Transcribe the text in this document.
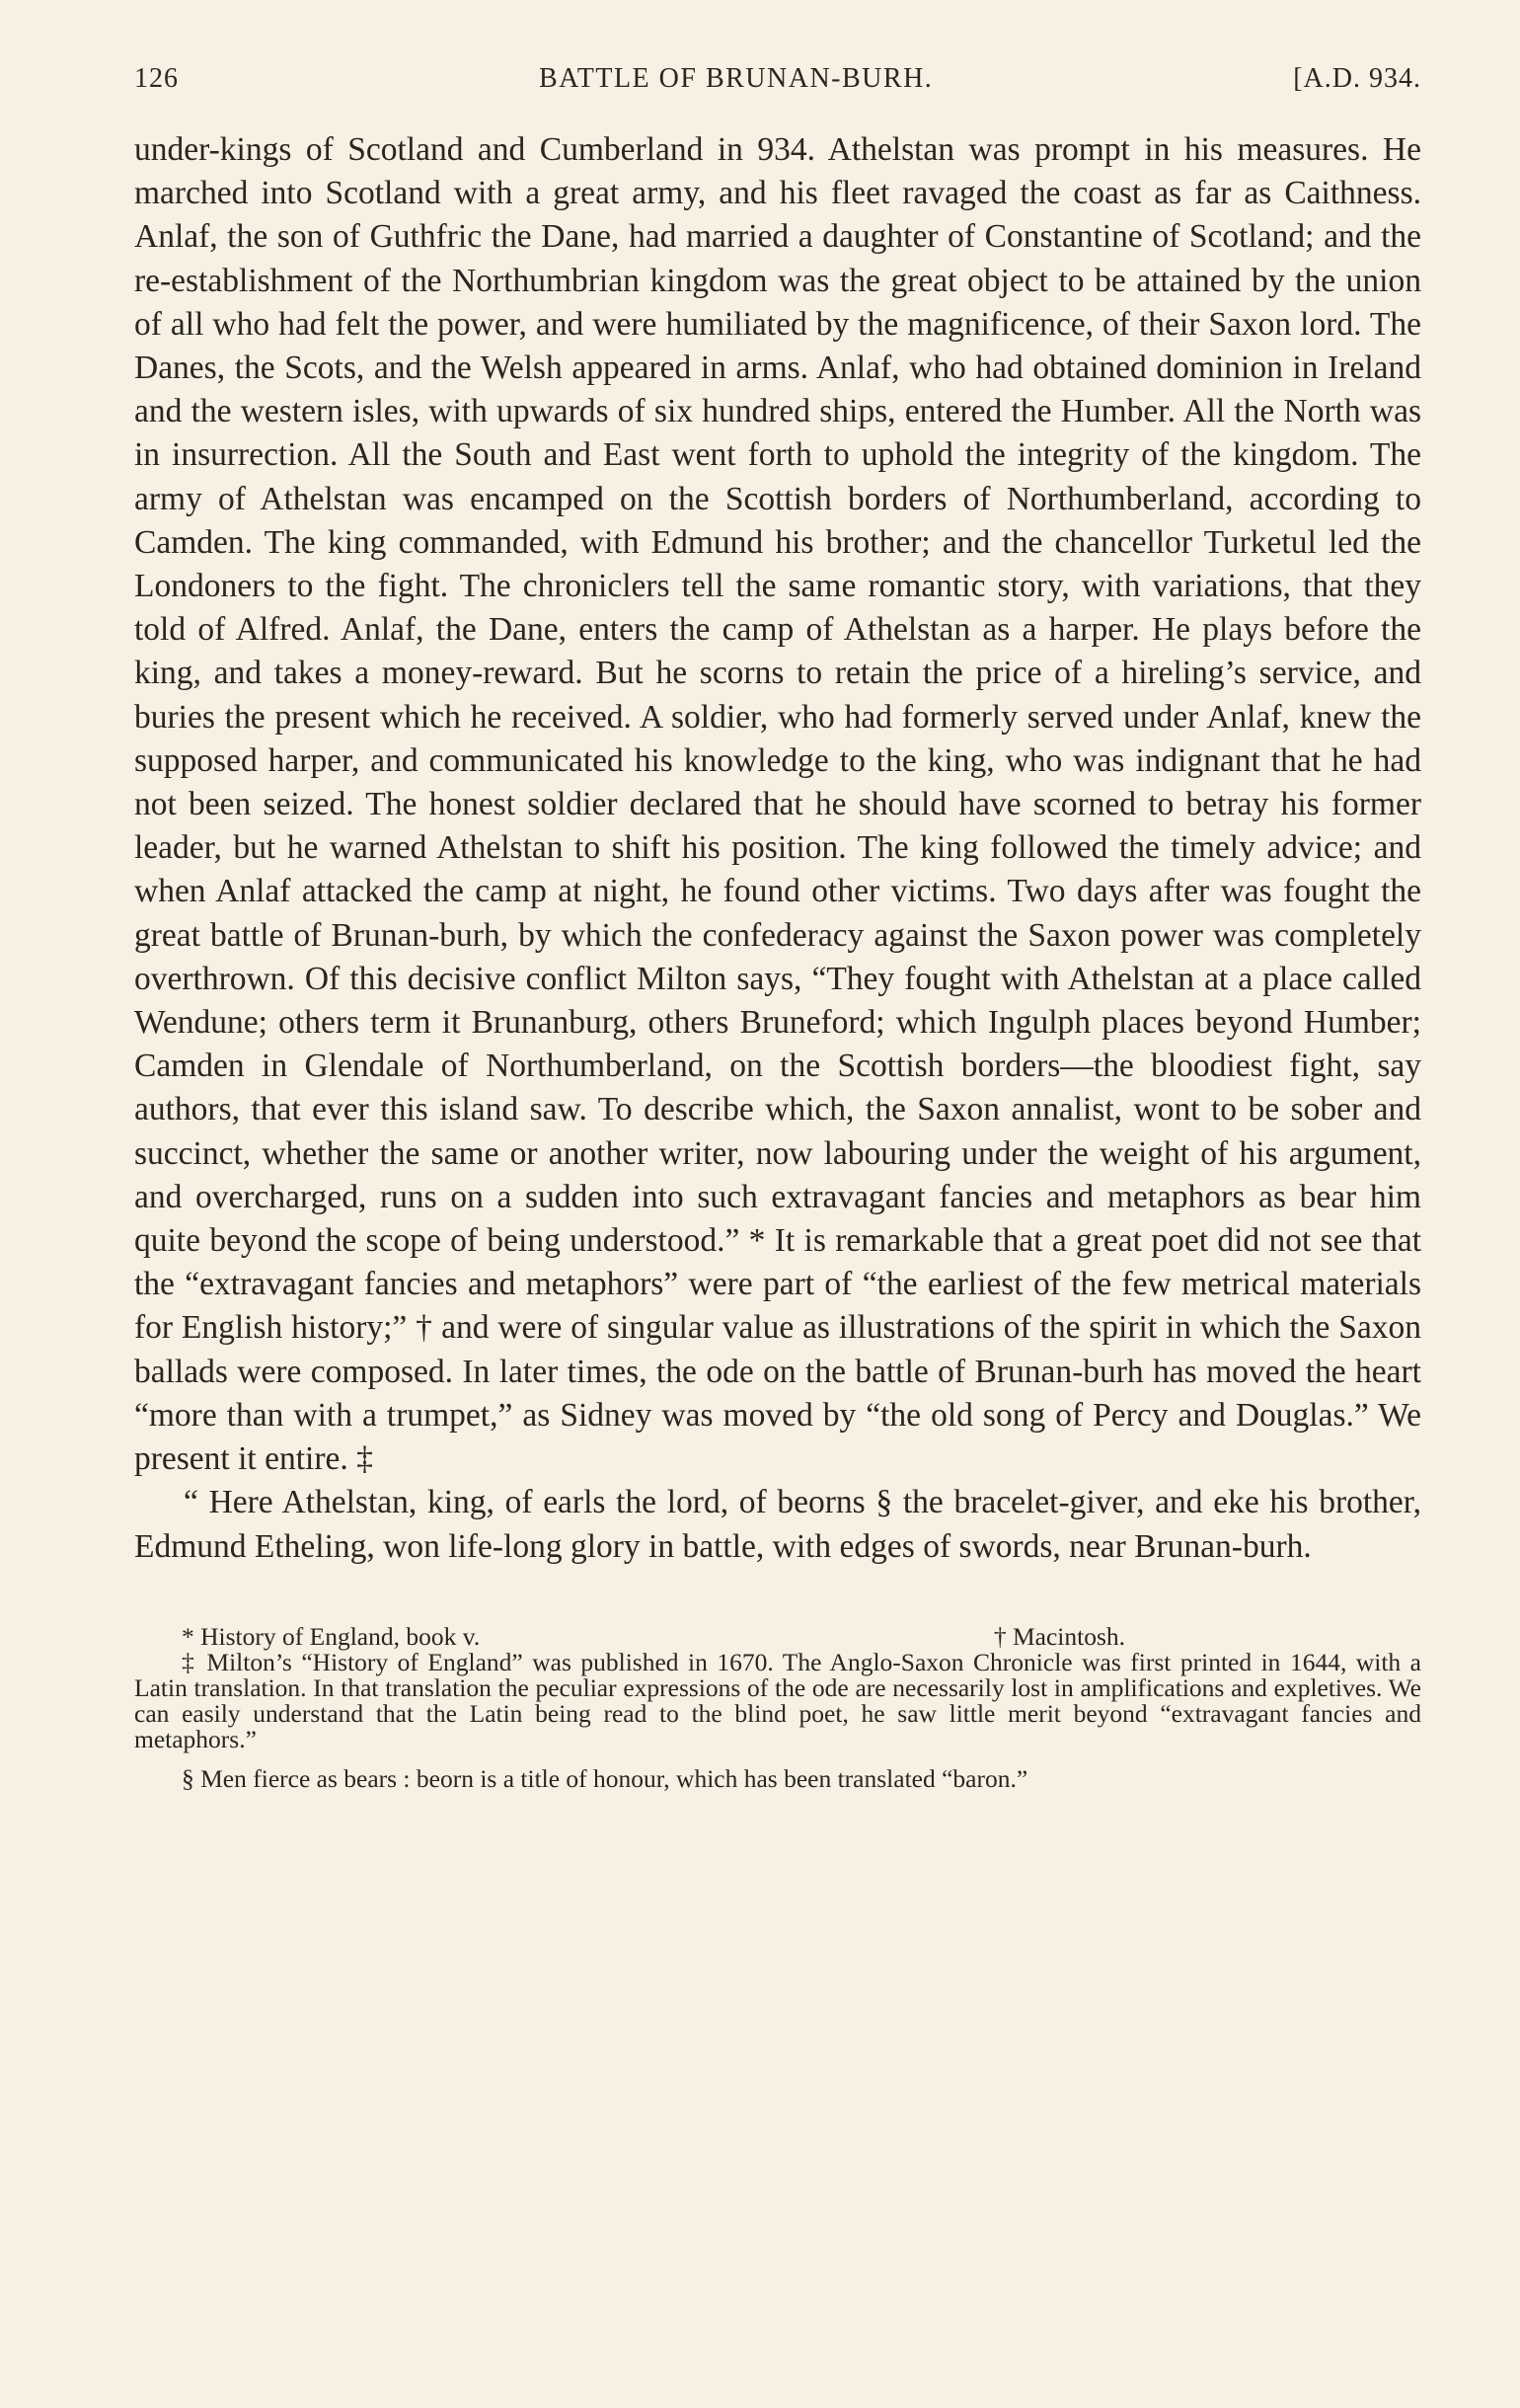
126	BATTLE OF BRUNAN-BURH.	[A.D. 934.

under-kings of Scotland and Cumberland in 934. Athelstan was prompt in his measures. He marched into Scotland with a great army, and his fleet ravaged the coast as far as Caithness. Anlaf, the son of Guthfric the Dane, had married a daughter of Constantine of Scotland; and the re-establishment of the Northumbrian kingdom was the great object to be attained by the union of all who had felt the power, and were humiliated by the magnificence, of their Saxon lord. The Danes, the Scots, and the Welsh appeared in arms. Anlaf, who had obtained dominion in Ireland and the western isles, with upwards of six hundred ships, entered the Humber. All the North was in insurrection. All the South and East went forth to uphold the integrity of the kingdom. The army of Athelstan was encamped on the Scottish borders of Northumberland, according to Camden. The king commanded, with Edmund his brother; and the chancellor Turketul led the Londoners to the fight. The chroniclers tell the same romantic story, with variations, that they told of Alfred. Anlaf, the Dane, enters the camp of Athelstan as a harper. He plays before the king, and takes a money-reward. But he scorns to retain the price of a hireling’s service, and buries the present which he received. A soldier, who had formerly served under Anlaf, knew the supposed harper, and communicated his knowledge to the king, who was indignant that he had not been seized. The honest soldier declared that he should have scorned to betray his former leader, but he warned Athelstan to shift his position. The king followed the timely advice; and when Anlaf attacked the camp at night, he found other victims. Two days after was fought the great battle of Brunan-burh, by which the confederacy against the Saxon power was completely overthrown. Of this decisive conflict Milton says, “They fought with Athelstan at a place called Wendune; others term it Brunanburg, others Bruneford; which Ingulph places beyond Humber; Camden in Glendale of Northumberland, on the Scottish borders—the bloodiest fight, say authors, that ever this island saw. To describe which, the Saxon annalist, wont to be sober and succinct, whether the same or another writer, now labouring under the weight of his argument, and overcharged, runs on a sudden into such extravagant fancies and metaphors as bear him quite beyond the scope of being understood.” * It is remarkable that a great poet did not see that the “extravagant fancies and metaphors” were part of “the earliest of the few metrical materials for English history;” † and were of singular value as illustrations of the spirit in which the Saxon ballads were composed. In later times, the ode on the battle of Brunan-burh has moved the heart “more than with a trumpet,” as Sidney was moved by “the old song of Percy and Douglas.” We present it entire. ‡

“ Here Athelstan, king, of earls the lord, of beorns § the bracelet-giver, and eke his brother, Edmund Etheling, won life-long glory in battle, with edges of swords, near Brunan-burh.

* History of England, book v.	† Macintosh.

‡ Milton’s “History of England” was published in 1670. The Anglo-Saxon Chronicle was first printed in 1644, with a Latin translation. In that translation the peculiar expressions of the ode are necessarily lost in amplifications and expletives. We can easily understand that the Latin being read to the blind poet, he saw little merit beyond “extravagant fancies and metaphors.”

§ Men fierce as bears : beorn is a title of honour, which has been translated “baron.”
